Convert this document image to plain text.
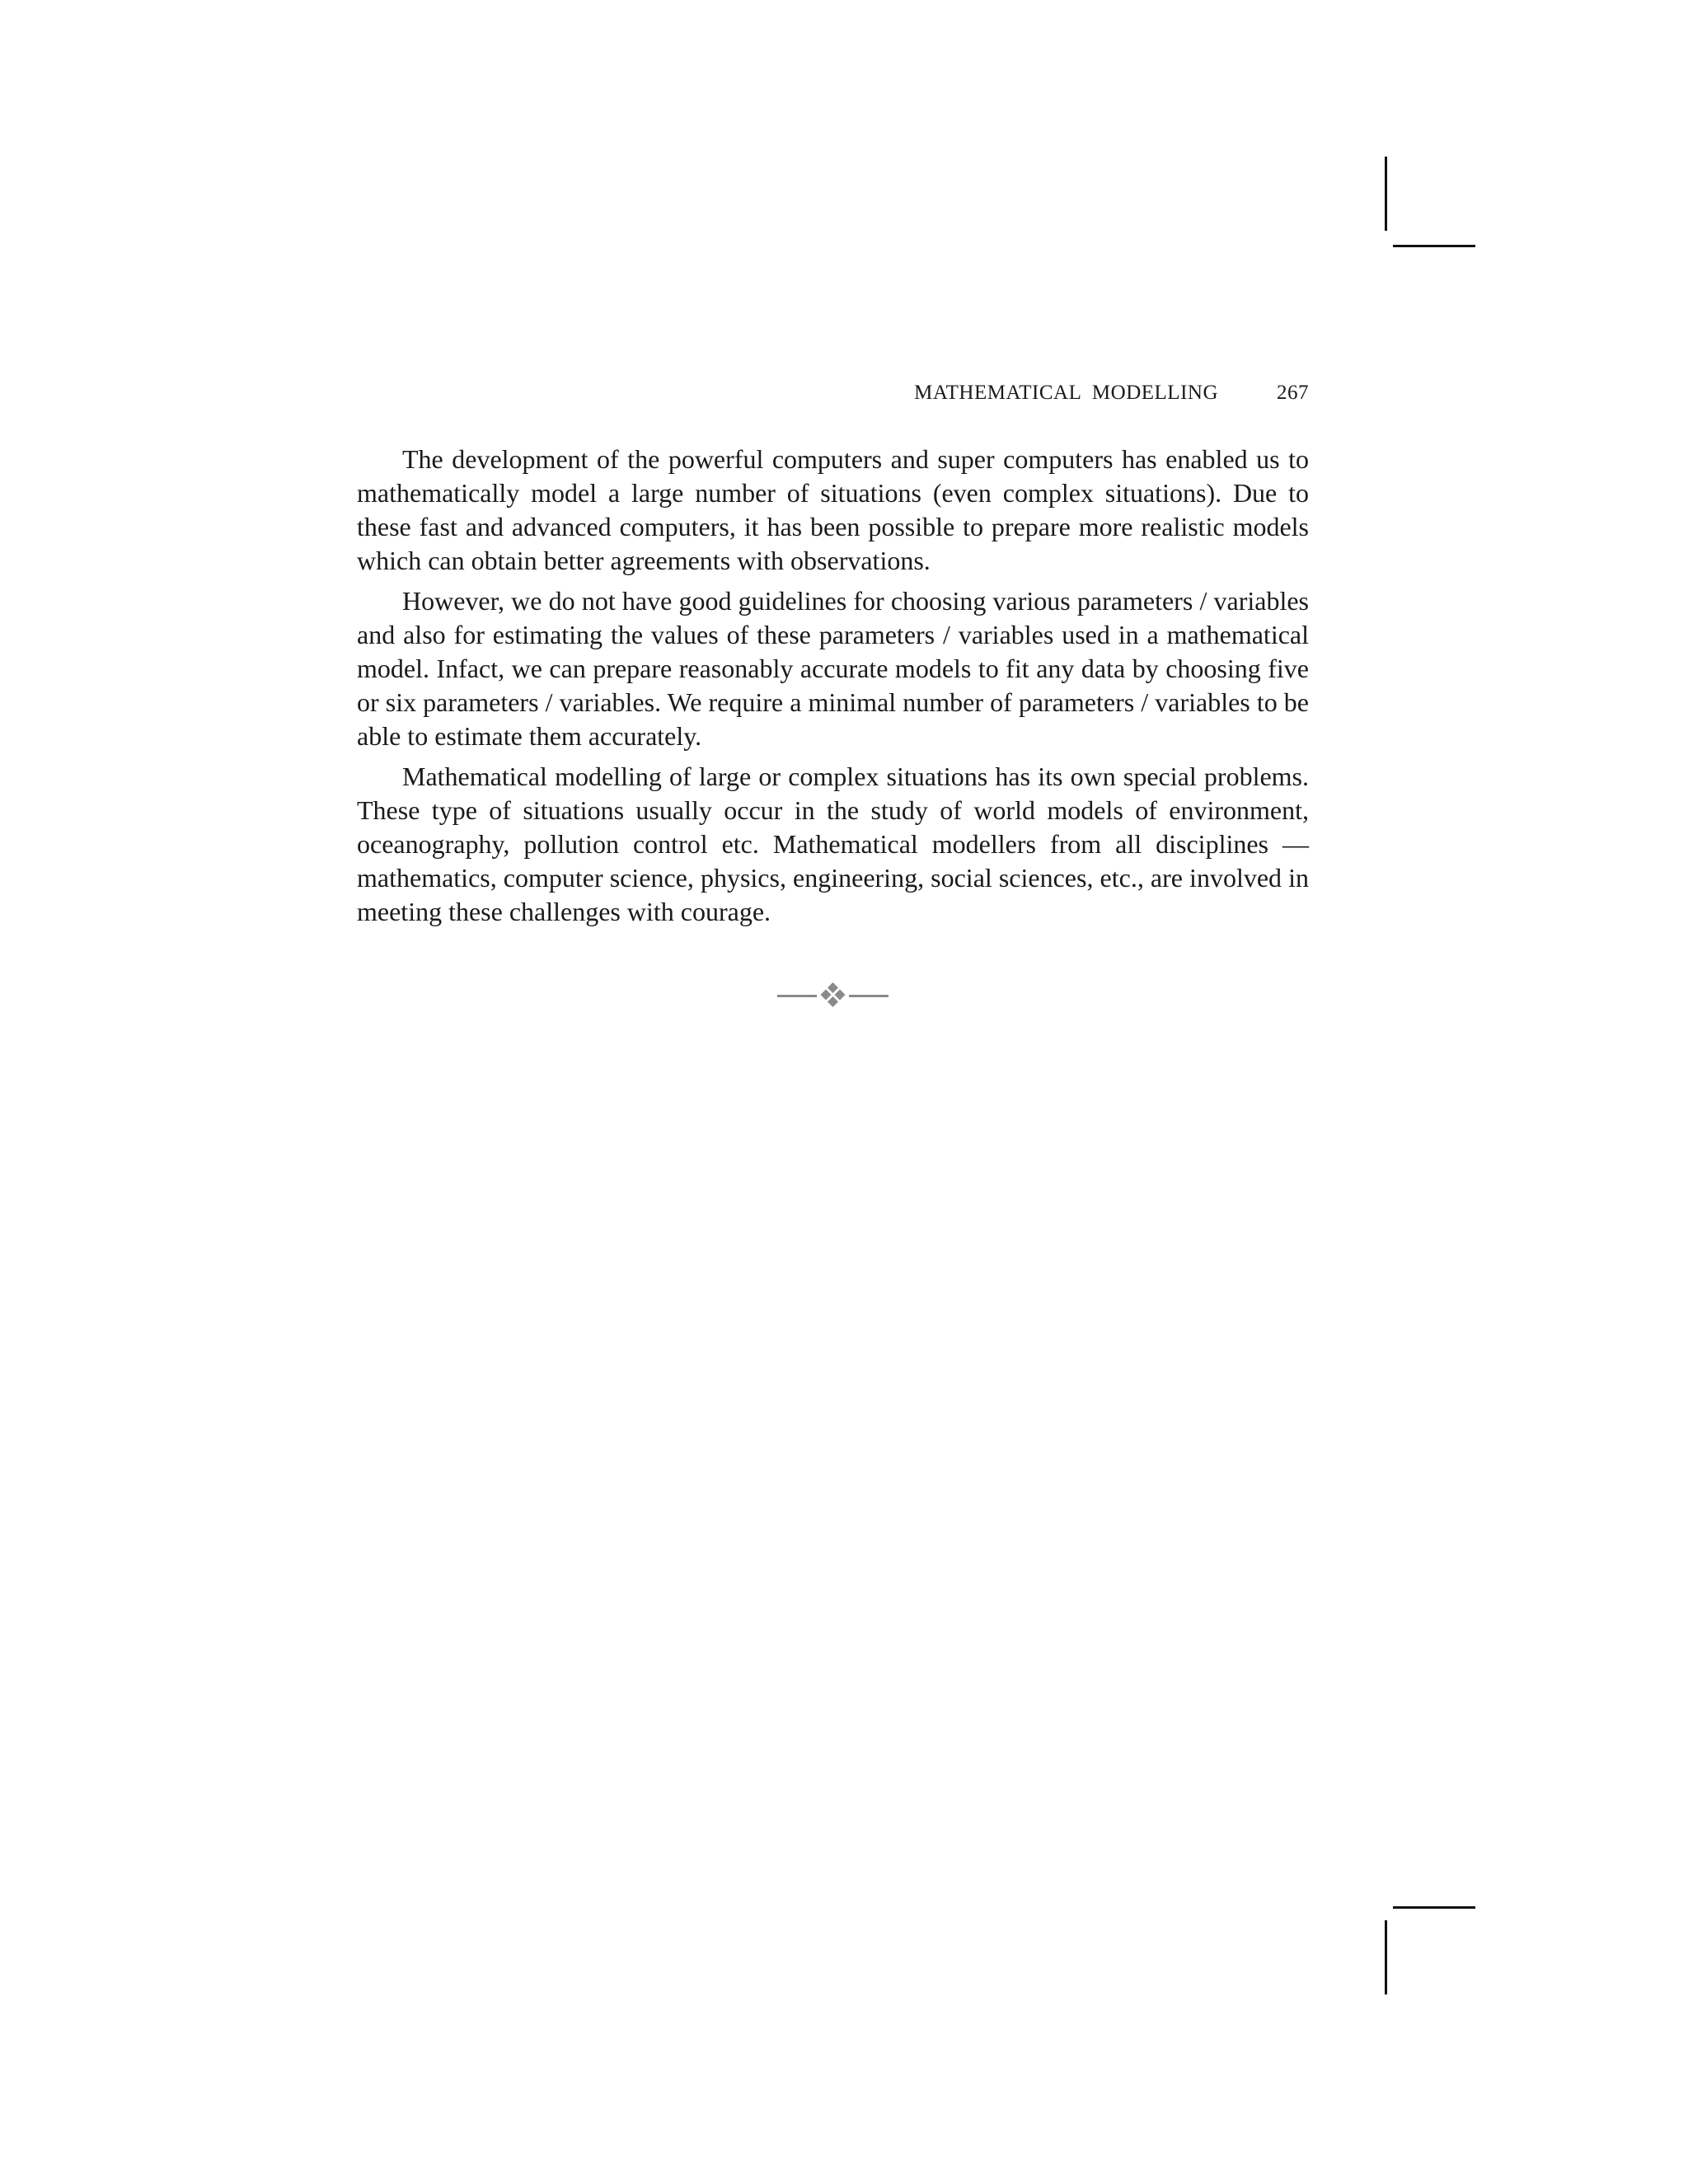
MATHEMATICAL  MODELLING	267

The development of the powerful computers and super computers has enabled us to mathematically model a large number of situations (even complex situations). Due to these fast and advanced computers, it has been possible to prepare more realistic models which can obtain better agreements with observations.

However, we do not have good guidelines for choosing various parameters / variables and also for estimating the values of these parameters / variables used in a mathematical model. Infact, we can prepare reasonably accurate models to fit any data by choosing five or six parameters / variables. We require a minimal number of parameters / variables to be able to estimate them accurately.

Mathematical modelling of large or complex situations has its own special problems. These type of situations usually occur in the study of world models of environment, oceanography, pollution control etc. Mathematical modellers from all disciplines — mathematics, computer science, physics, engineering, social sciences, etc., are involved in meeting these challenges with courage.
